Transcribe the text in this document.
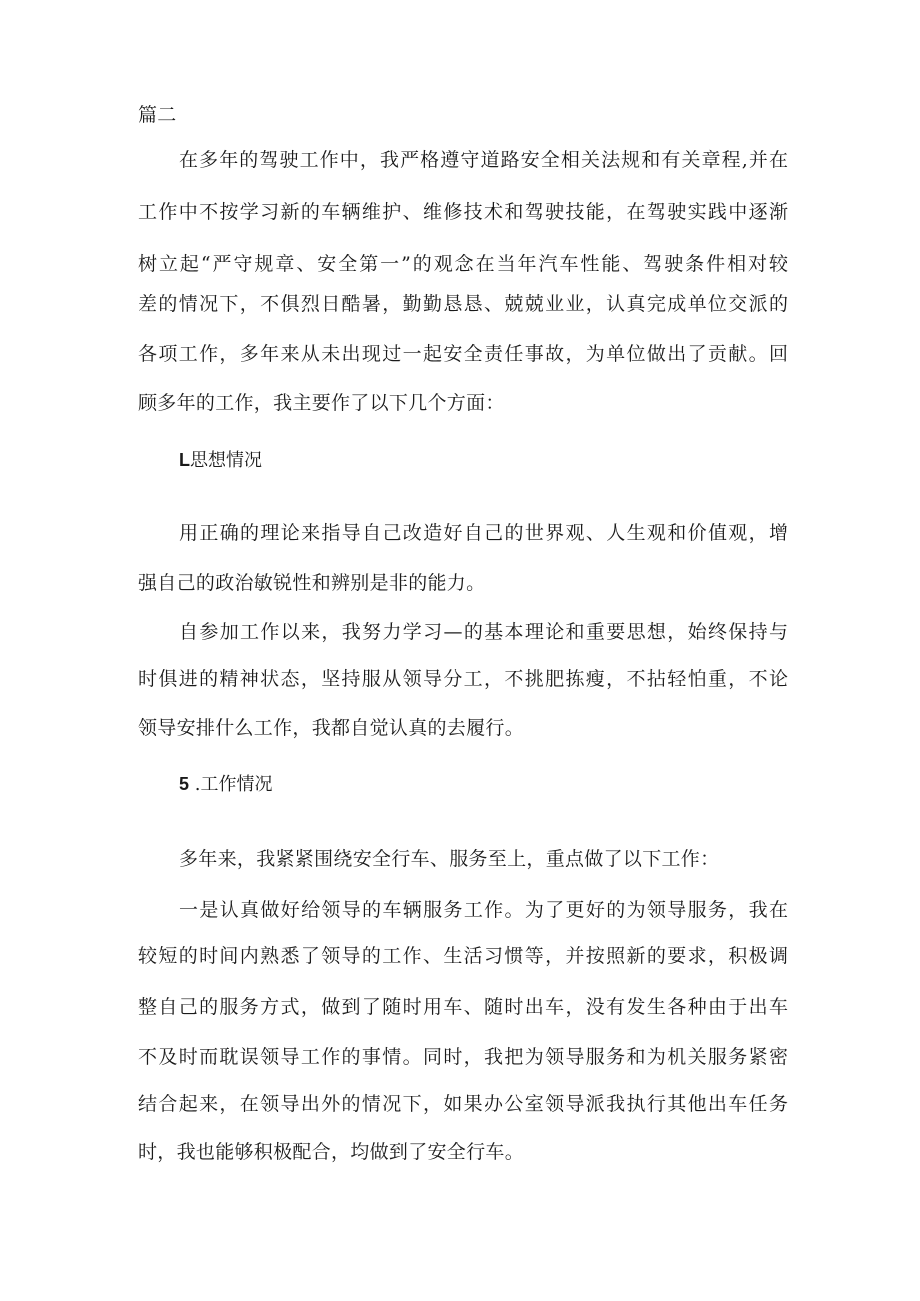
篇二
在多年的驾驶工作中，我严格遵守道路安全相关法规和有关章程,并在
工作中不按学习新的车辆维护、维修技术和驾驶技能，在驾驶实践中逐渐
树立起“严守规章、安全第一”的观念在当年汽车性能、驾驶条件相对较
差的情况下，不俱烈日酷暑，勤勤恳恳、兢兢业业，认真完成单位交派的
各项工作，多年来从未出现过一起安全责任事故，为单位做出了贡献。回
顾多年的工作，我主要作了以下几个方面：
L思想情况
用正确的理论来指导自己改造好自己的世界观、人生观和价值观，增
强自己的政治敏锐性和辨别是非的能力。
自参加工作以来，我努力学习—的基本理论和重要思想，始终保持与
时俱进的精神状态，坚持服从领导分工，不挑肥拣瘦，不拈轻怕重，不论
领导安排什么工作，我都自觉认真的去履行。
5 .工作情况
多年来，我紧紧围绕安全行车、服务至上，重点做了以下工作：
一是认真做好给领导的车辆服务工作。为了更好的为领导服务，我在
较短的时间内熟悉了领导的工作、生活习惯等，并按照新的要求，积极调
整自己的服务方式，做到了随时用车、随时出车，没有发生各种由于出车
不及时而耽误领导工作的事情。同时，我把为领导服务和为机关服务紧密
结合起来，在领导出外的情况下，如果办公室领导派我执行其他出车任务
时，我也能够积极配合，均做到了安全行车。
